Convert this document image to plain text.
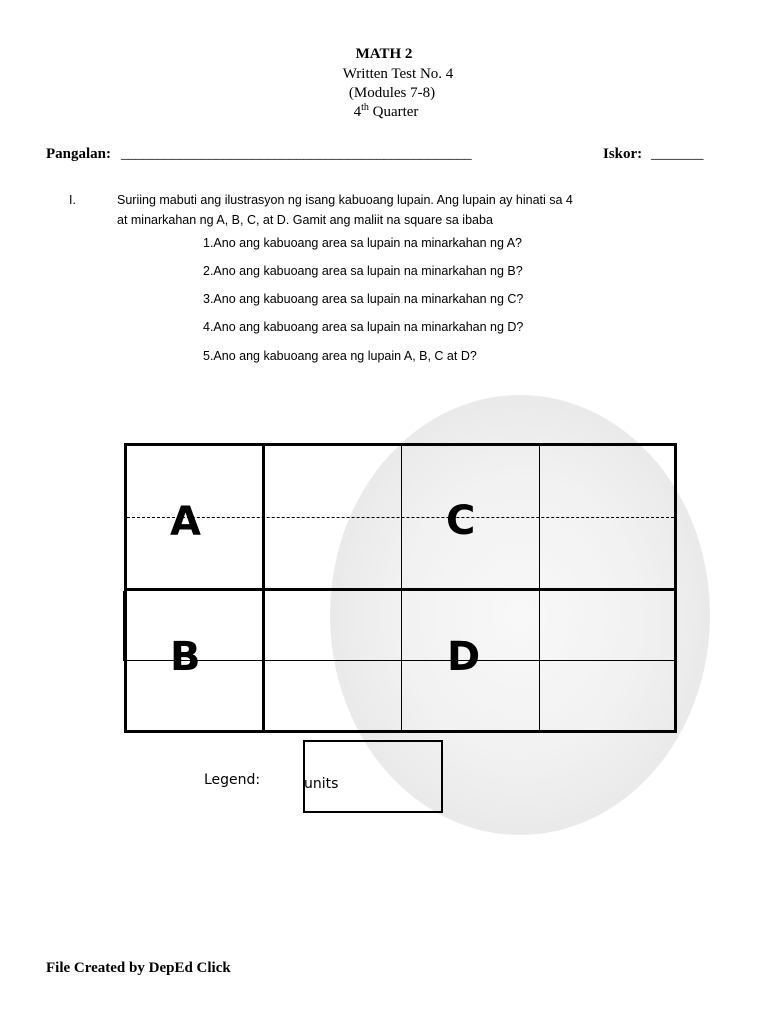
MATH 2
Written Test No. 4
(Modules 7-8)
4th Quarter
Pangalan: ________________________________________________	Iskor: _______
I.	Suriing mabuti ang ilustrasyon ng isang kabuoang lupain. Ang lupain ay hinati sa 4
at minarkahan ng A, B, C, at D. Gamit ang maliit na square sa ibaba
1.Ano ang kabuoang area sa lupain na minarkahan ng A?
2.Ano ang kabuoang area sa lupain na minarkahan ng B?
3.Ano ang kabuoang area sa lupain na minarkahan ng C?
4.Ano ang kabuoang area sa lupain na minarkahan ng D?
5.Ano ang kabuoang area ng lupain A, B, C at D?
A	C
B	D
Legend:	units
File Created by DepEd Click
